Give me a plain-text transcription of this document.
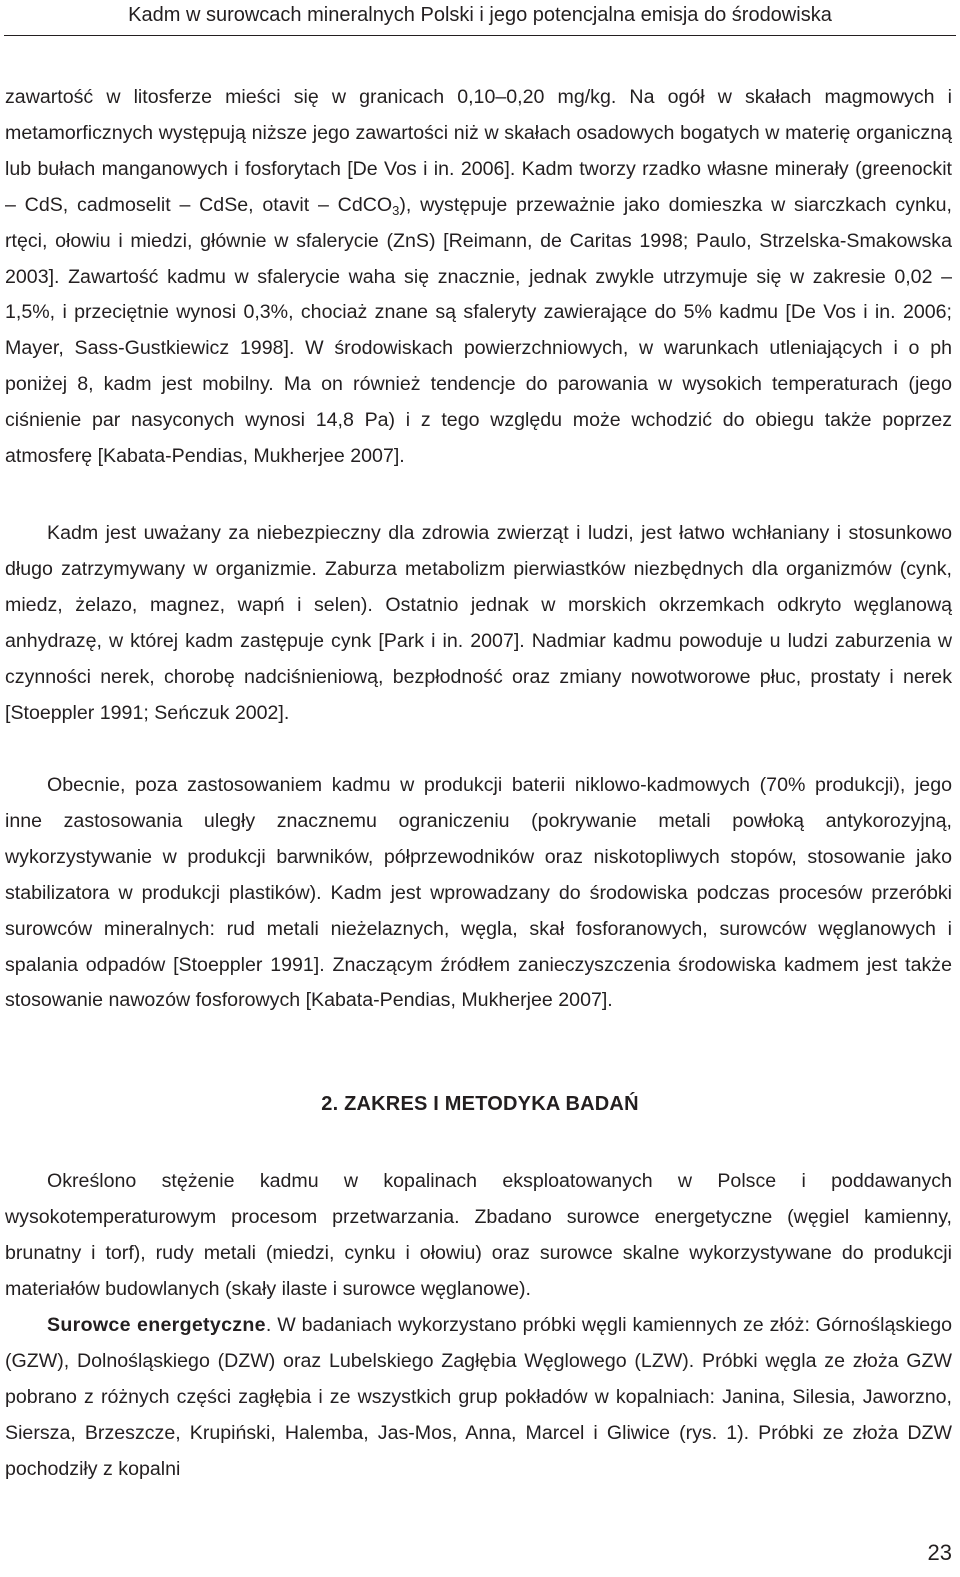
Kadm w surowcach mineralnych Polski i jego potencjalna emisja do środowiska

zawartość w litosferze mieści się w granicach 0,10–0,20 mg/kg. Na ogół w skałach magmowych i metamorficznych występują niższe jego zawartości niż w skałach osadowych bogatych w materię organiczną lub bułach manganowych i fosforytach [De Vos i in. 2006]. Kadm tworzy rzadko własne minerały (greenockit – CdS, cadmoselit – CdSe, otavit – CdCO$_3$), występuje przeważnie jako domieszka w siarczkach cynku, rtęci, ołowiu i miedzi, głównie w sfalerycie (ZnS) [Reimann, de Caritas 1998; Paulo, Strzelska-Smakowska 2003]. Zawartość kadmu w sfalerycie waha się znacznie, jednak zwykle utrzymuje się w zakresie 0,02 – 1,5%, i przeciętnie wynosi 0,3%, chociaż znane są sfaleryty zawierające do 5% kadmu [De Vos i in. 2006; Mayer, Sass-Gustkiewicz 1998]. W środowiskach powierzchniowych, w warunkach utleniających i o ph poniżej 8, kadm jest mobilny. Ma on również tendencje do parowania w wysokich temperaturach (jego ciśnienie par nasyconych wynosi 14,8 Pa) i z tego względu może wchodzić do obiegu także poprzez atmosferę [Kabata-Pendias, Mukherjee 2007].

Kadm jest uważany za niebezpieczny dla zdrowia zwierząt i ludzi, jest łatwo wchłaniany i stosunkowo długo zatrzymywany w organizmie. Zaburza metabolizm pierwiastków niezbędnych dla organizmów (cynk, miedz, żelazo, magnez, wapń i selen). Ostatnio jednak w morskich okrzemkach odkryto węglanową anhydrazę, w której kadm zastępuje cynk [Park i in. 2007]. Nadmiar kadmu powoduje u ludzi zaburzenia w czynności nerek, chorobę nadciśnieniową, bezpłodność oraz zmiany nowotworowe płuc, prostaty i nerek [Stoeppler 1991; Seńczuk 2002].

Obecnie, poza zastosowaniem kadmu w produkcji baterii niklowo-kadmowych (70% produkcji), jego inne zastosowania uległy znacznemu ograniczeniu (pokrywanie metali powłoką antykorozyjną, wykorzystywanie w produkcji barwników, półprzewodników oraz niskotopliwych stopów, stosowanie jako stabilizatora w produkcji plastików). Kadm jest wprowadzany do środowiska podczas procesów przeróbki surowców mineralnych: rud metali nieżelaznych, węgla, skał fosforanowych, surowców węglanowych i spalania odpadów [Stoeppler 1991]. Znaczącym źródłem zanieczyszczenia środowiska kadmem jest także stosowanie nawozów fosforowych [Kabata-Pendias, Mukherjee 2007].

2. ZAKRES I METODYKA BADAŃ

Określono stężenie kadmu w kopalinach eksploatowanych w Polsce i poddawanych wysokotemperaturowym procesom przetwarzania. Zbadano surowce energetyczne (węgiel kamienny, brunatny i torf), rudy metali (miedzi, cynku i ołowiu) oraz surowce skalne wykorzystywane do produkcji materiałów budowlanych (skały ilaste i surowce węglanowe).

Surowce energetyczne. W badaniach wykorzystano próbki węgli kamiennych ze złóż: Górnośląskiego (GZW), Dolnośląskiego (DZW) oraz Lubelskiego Zagłębia Węglowego (LZW). Próbki węgla ze złoża GZW pobrano z różnych części zagłębia i ze wszystkich grup pokładów w kopalniach: Janina, Silesia, Jaworzno, Siersza, Brzeszcze, Krupiński, Halemba, Jas-Mos, Anna, Marcel i Gliwice (rys. 1). Próbki ze złoża DZW pochodziły z kopalni

23
